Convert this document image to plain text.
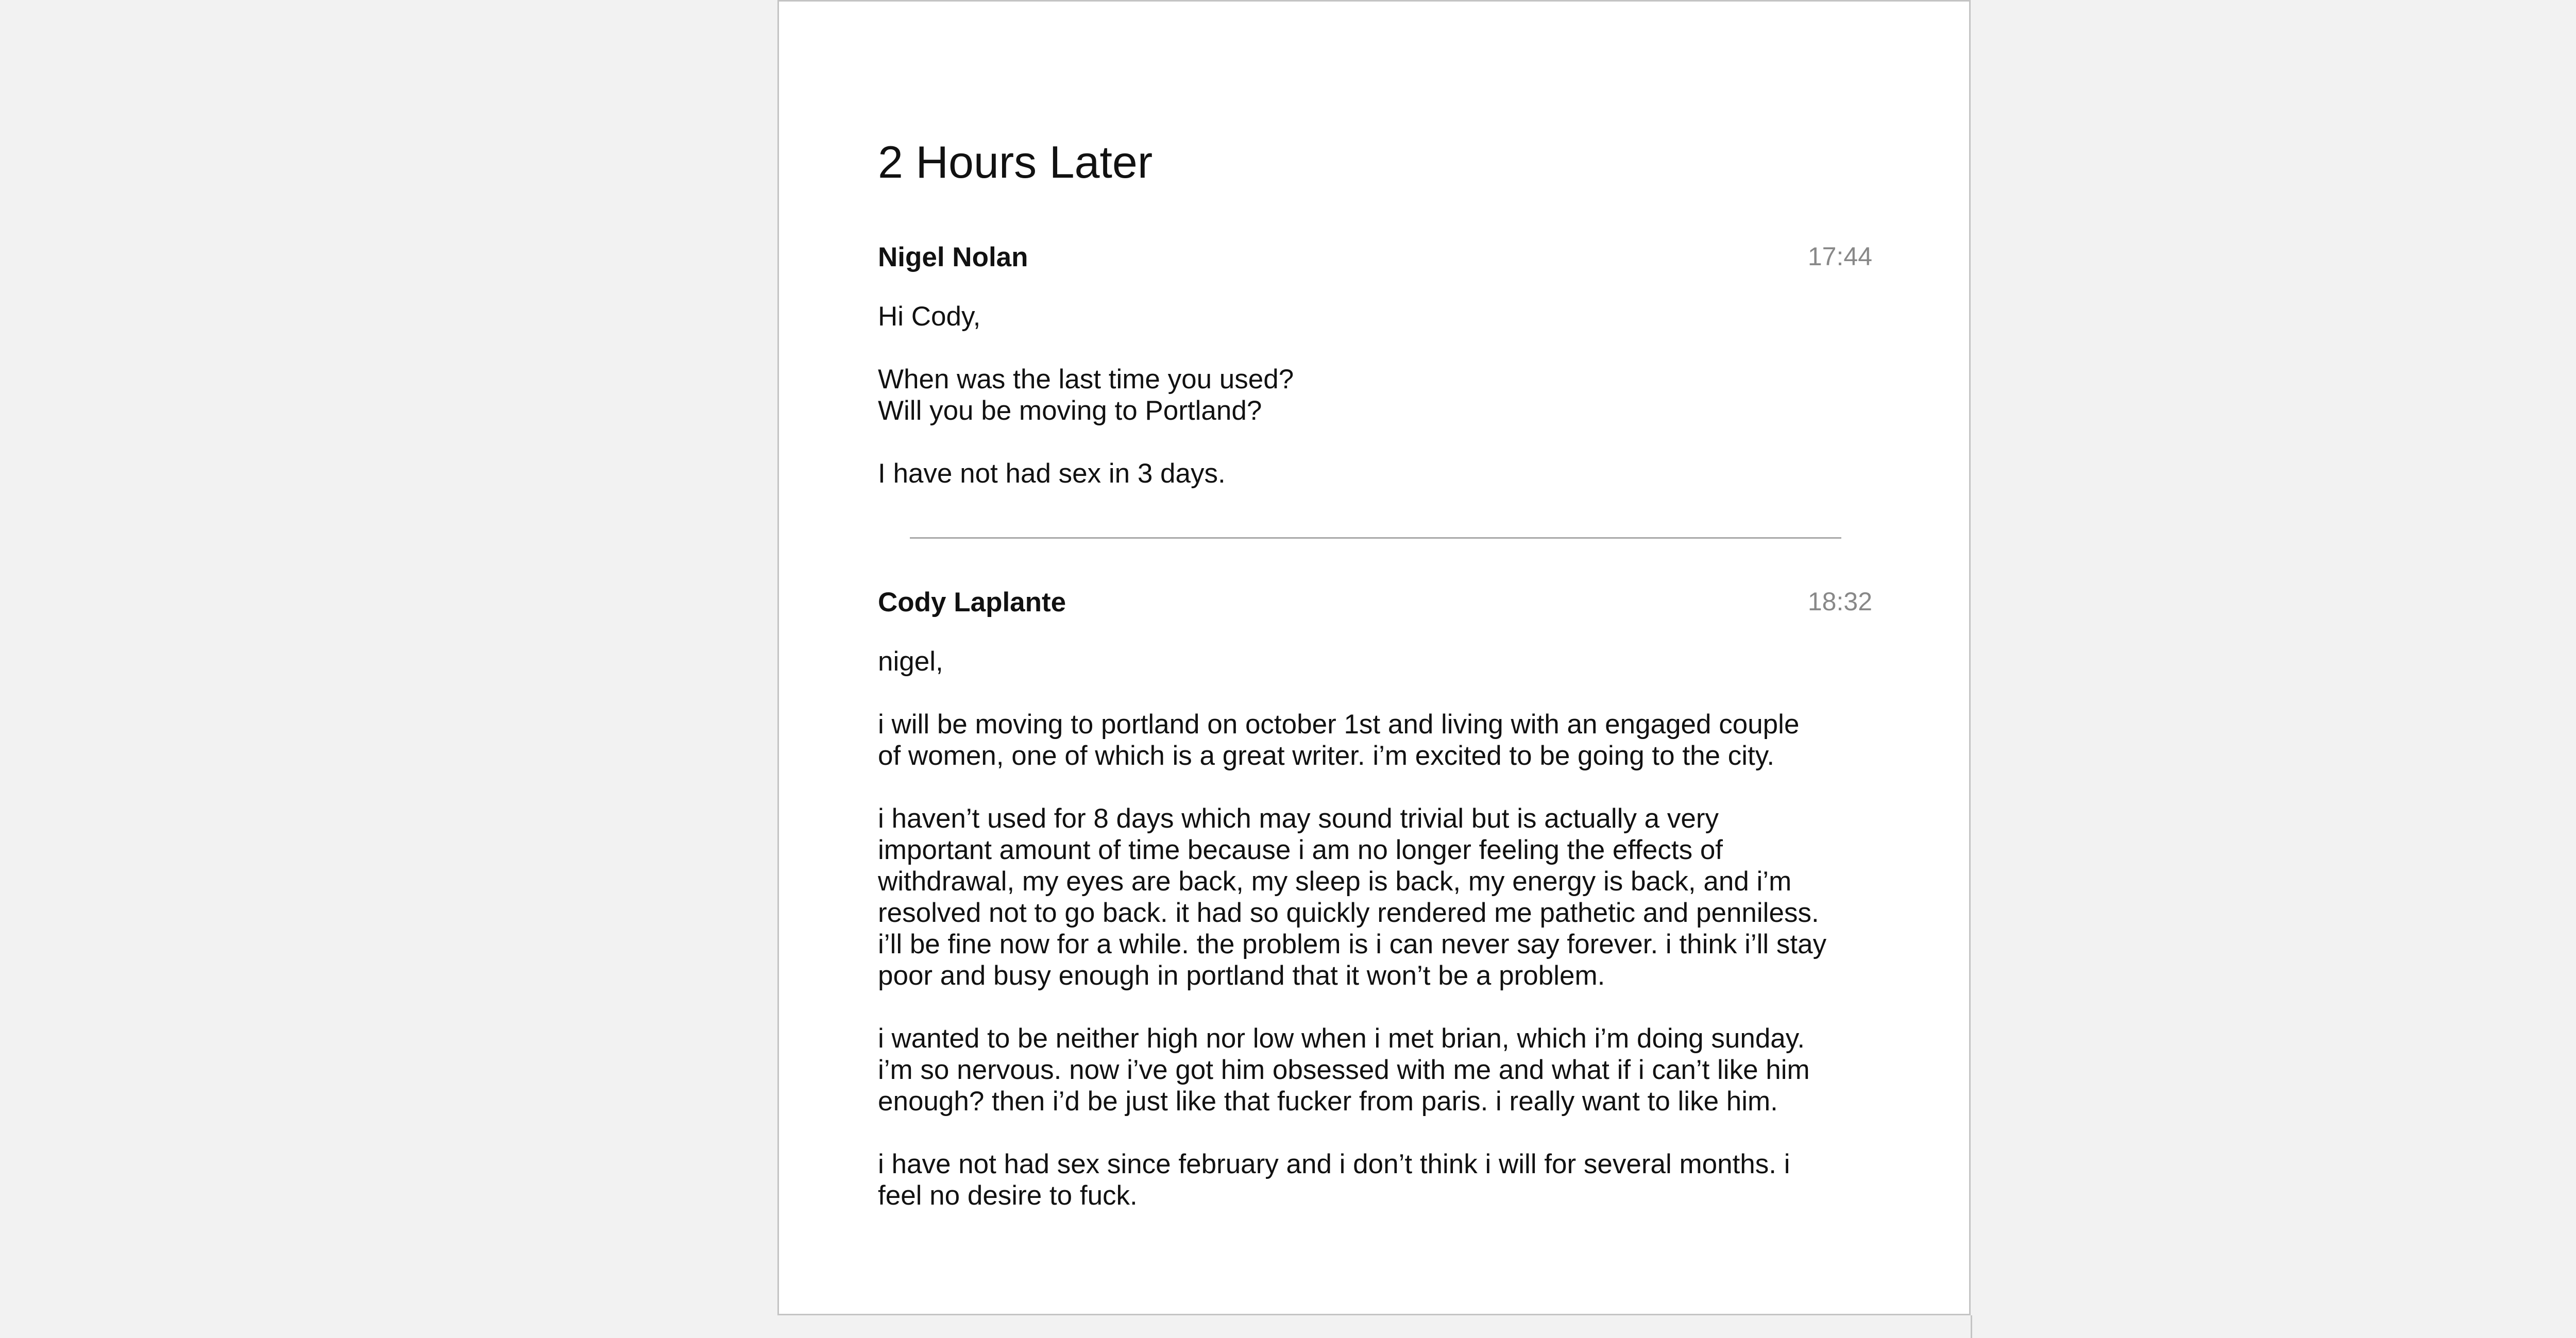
2 Hours Later
Nigel Nolan	17:44

Hi Cody,

When was the last time you used?
Will you be moving to Portland?

I have not had sex in 3 days.

Cody Laplante	18:32

nigel,

i will be moving to portland on october 1st and living with an engaged couple
of women, one of which is a great writer. i’m excited to be going to the city.

i haven’t used for 8 days which may sound trivial but is actually a very
important amount of time because i am no longer feeling the effects of
withdrawal, my eyes are back, my sleep is back, my energy is back, and i’m
resolved not to go back. it had so quickly rendered me pathetic and penniless.
i’ll be fine now for a while. the problem is i can never say forever. i think i’ll stay
poor and busy enough in portland that it won’t be a problem.

i wanted to be neither high nor low when i met brian, which i’m doing sunday.
i’m so nervous. now i’ve got him obsessed with me and what if i can’t like him
enough? then i’d be just like that fucker from paris. i really want to like him.

i have not had sex since february and i don’t think i will for several months. i
feel no desire to fuck.
